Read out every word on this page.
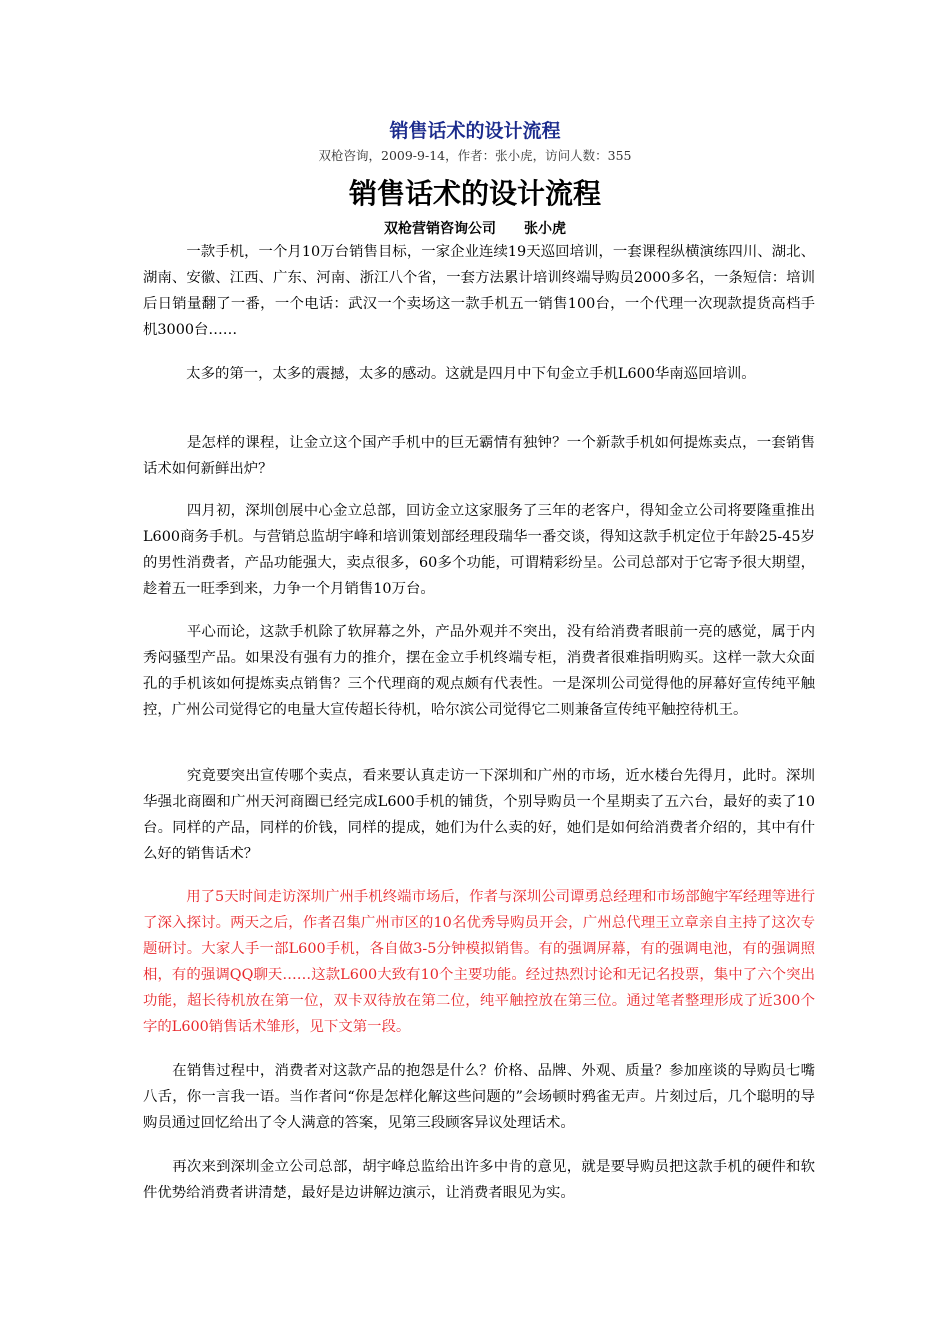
销售话术的设计流程
双枪咨询，2009-9-14，作者：张小虎，访问人数：355
销售话术的设计流程
双枪营销咨询公司 张小虎

　　　一款手机，一个月10万台销售目标，一家企业连续19天巡回培训，一套课程纵横演练四川、湖北、湖南、安徽、江西、广东、河南、浙江八个省，一套方法累计培训终端导购员2000多名，一条短信：培训后日销量翻了一番，一个电话：武汉一个卖场这一款手机五一销售100台，一个代理一次现款提货高档手机3000台……

　　　太多的第一，太多的震撼，太多的感动。这就是四月中下旬金立手机L600华南巡回培训。

　　　是怎样的课程，让金立这个国产手机中的巨无霸情有独钟？一个新款手机如何提炼卖点，一套销售话术如何新鲜出炉？

　　　四月初，深圳创展中心金立总部，回访金立这家服务了三年的老客户，得知金立公司将要隆重推出L600商务手机。与营销总监胡宇峰和培训策划部经理段瑞华一番交谈，得知这款手机定位于年龄25-45岁的男性消费者，产品功能强大，卖点很多，60多个功能，可谓精彩纷呈。公司总部对于它寄予很大期望，趁着五一旺季到来，力争一个月销售10万台。

　　　平心而论，这款手机除了软屏幕之外，产品外观并不突出，没有给消费者眼前一亮的感觉，属于内秀闷骚型产品。如果没有强有力的推介，摆在金立手机终端专柜，消费者很难指明购买。这样一款大众面孔的手机该如何提炼卖点销售？三个代理商的观点颇有代表性。一是深圳公司觉得他的屏幕好宣传纯平触控，广州公司觉得它的电量大宣传超长待机，哈尔滨公司觉得它二则兼备宣传纯平触控待机王。

　　　究竟要突出宣传哪个卖点，看来要认真走访一下深圳和广州的市场，近水楼台先得月，此时。深圳华强北商圈和广州天河商圈已经完成L600手机的铺货，个别导购员一个星期卖了五六台，最好的卖了10台。同样的产品，同样的价钱，同样的提成，她们为什么卖的好，她们是如何给消费者介绍的，其中有什么好的销售话术？

　　　用了5天时间走访深圳广州手机终端市场后，作者与深圳公司谭勇总经理和市场部鲍宇军经理等进行了深入探讨。两天之后，作者召集广州市区的10名优秀导购员开会，广州总代理王立章亲自主持了这次专题研讨。大家人手一部L600手机，各自做3-5分钟模拟销售。有的强调屏幕，有的强调电池，有的强调照相，有的强调QQ聊天……这款L600大致有10个主要功能。经过热烈讨论和无记名投票，集中了六个突出功能，超长待机放在第一位，双卡双待放在第二位，纯平触控放在第三位。通过笔者整理形成了近300个字的L600销售话术雏形，见下文第一段。

　　在销售过程中，消费者对这款产品的抱怨是什么？价格、品牌、外观、质量？参加座谈的导购员七嘴八舌，你一言我一语。当作者问“你是怎样化解这些问题的”会场顿时鸦雀无声。片刻过后，几个聪明的导购员通过回忆给出了令人满意的答案，见第三段顾客异议处理话术。

　　再次来到深圳金立公司总部，胡宇峰总监给出许多中肯的意见，就是要导购员把这款手机的硬件和软件优势给消费者讲清楚，最好是边讲解边演示，让消费者眼见为实。
